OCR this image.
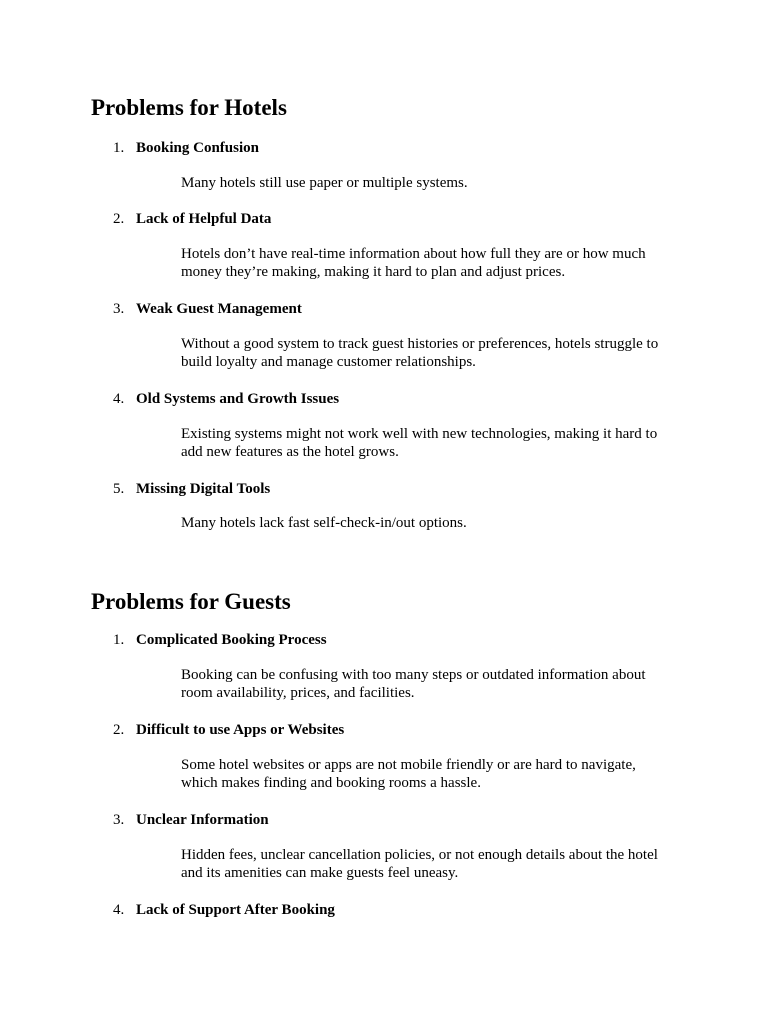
Problems for Hotels
1. Booking Confusion

Many hotels still use paper or multiple systems.

2. Lack of Helpful Data

Hotels don’t have real-time information about how full they are or how much money they’re making, making it hard to plan and adjust prices.

3. Weak Guest Management

Without a good system to track guest histories or preferences, hotels struggle to build loyalty and manage customer relationships.

4. Old Systems and Growth Issues

Existing systems might not work well with new technologies, making it hard to add new features as the hotel grows.

5. Missing Digital Tools

Many hotels lack fast self-check-in/out options.

Problems for Guests
1. Complicated Booking Process

Booking can be confusing with too many steps or outdated information about room availability, prices, and facilities.

2. Difficult to use Apps or Websites

Some hotel websites or apps are not mobile friendly or are hard to navigate, which makes finding and booking rooms a hassle.

3. Unclear Information

Hidden fees, unclear cancellation policies, or not enough details about the hotel and its amenities can make guests feel uneasy.

4. Lack of Support After Booking
